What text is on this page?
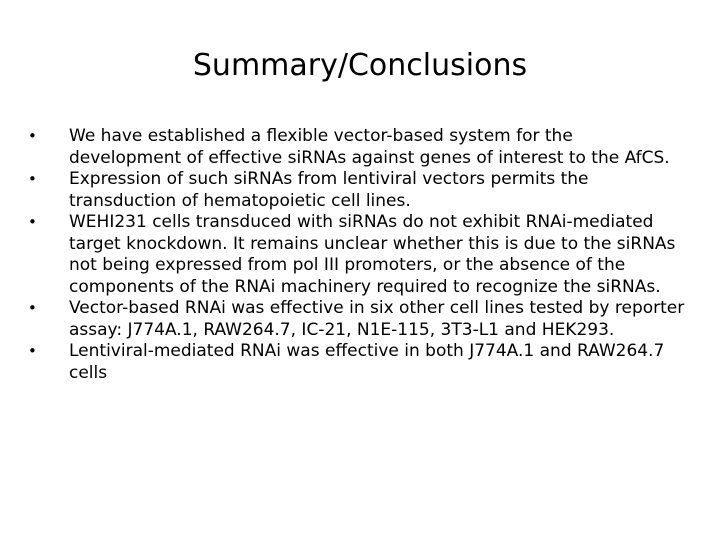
Summary/Conclusions
•	We have established a flexible vector-based system for the development of effective siRNAs against genes of interest to the AfCS.
•	Expression of such siRNAs from lentiviral vectors permits the transduction of hematopoietic cell lines.
•	WEHI231 cells transduced with siRNAs do not exhibit RNAi-mediated target knockdown. It remains unclear whether this is due to the siRNAs not being expressed from pol III promoters, or the absence of the components of the RNAi machinery required to recognize the siRNAs.
•	Vector-based RNAi was effective in six other cell lines tested by reporter assay: J774A.1, RAW264.7, IC-21, N1E-115, 3T3-L1 and HEK293.
•	Lentiviral-mediated RNAi was effective in both J774A.1 and RAW264.7 cells
